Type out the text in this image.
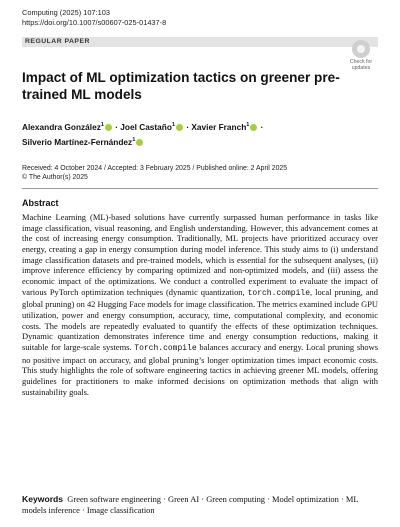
Computing (2025) 107:103
https://doi.org/10.1007/s00607-025-01437-8
REGULAR PAPER
Check for
updates
Impact of ML optimization tactics on greener pre-trained ML models
Alexandra González$^1$ · Joel Castaño$^1$ · Xavier Franch$^1$ ·
Silverio Martínez-Fernández$^1$
Received: 4 October 2024 / Accepted: 3 February 2025 / Published online: 2 April 2025
© The Author(s) 2025
Abstract

Machine Learning (ML)-based solutions have currently surpassed human performance in tasks like image classification, visual reasoning, and English understanding. However, this advancement comes at the cost of increasing energy consumption. Traditionally, ML projects have prioritized accuracy over energy, creating a gap in energy consumption during model inference. This study aims to (i) understand image classification datasets and pre-trained models, which is essential for the subsequent analyses, (ii) improve inference efficiency by comparing optimized and non-optimized models, and (iii) assess the economic impact of the optimizations. We conduct a controlled experiment to evaluate the impact of various PyTorch optimization techniques (dynamic quantization, torch.compile, local pruning, and global pruning) on 42 Hugging Face models for image classification. The metrics examined include GPU utilization, power and energy consumption, accuracy, time, computational complexity, and economic costs. The models are repeatedly evaluated to quantify the effects of these optimization techniques. Dynamic quantization demonstrates inference time and energy consumption reductions, making it suitable for large-scale systems. Torch.compile balances accuracy and energy. Local pruning shows no positive impact on accuracy, and global pruning’s longer optimization times impact economic costs. This study highlights the role of software engineering tactics in achieving greener ML models, offering guidelines for practitioners to make informed decisions on optimization methods that align with sustainability goals.

Keywords Green software engineering · Green AI · Green computing · Model optimization · ML models inference · Image classification
